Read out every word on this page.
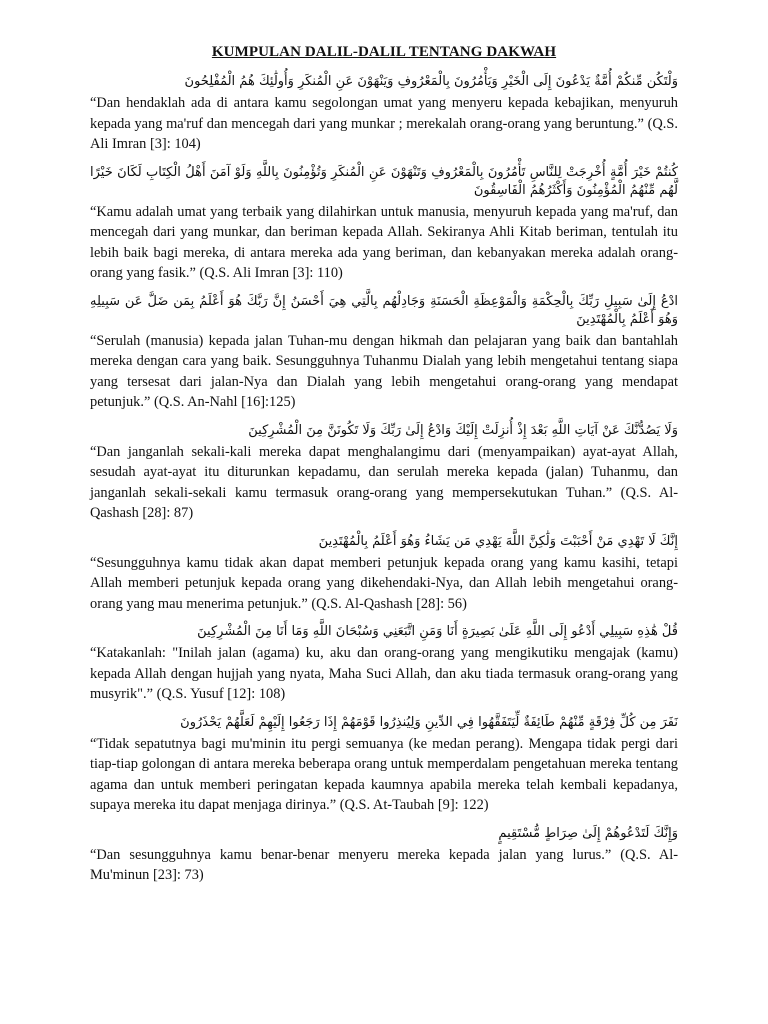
KUMPULAN DALIL-DALIL TENTANG DAKWAH

وَلْتَكُن مِّنكُمْ أُمَّةٌ يَدْعُونَ إِلَى الْخَيْرِ وَيَأْمُرُونَ بِالْمَعْرُوفِ وَيَنْهَوْنَ عَنِ الْمُنكَرِ وَأُولَٰئِكَ هُمُ الْمُفْلِحُونَ

“Dan hendaklah ada di antara kamu segolongan umat yang menyeru kepada kebajikan, menyuruh kepada yang ma'ruf dan mencegah dari yang munkar ; merekalah orang-orang yang beruntung.” (Q.S. Ali Imran [3]: 104)

كُنتُمْ خَيْرَ أُمَّةٍ أُخْرِجَتْ لِلنَّاسِ تَأْمُرُونَ بِالْمَعْرُوفِ وَتَنْهَوْنَ عَنِ الْمُنكَرِ وَتُؤْمِنُونَ بِاللَّهِ وَلَوْ آمَنَ أَهْلُ الْكِتَابِ لَكَانَ خَيْرًا لَّهُم مِّنْهُمُ الْمُؤْمِنُونَ وَأَكْثَرُهُمُ الْفَاسِقُونَ

“Kamu adalah umat yang terbaik yang dilahirkan untuk manusia, menyuruh kepada yang ma'ruf, dan mencegah dari yang munkar, dan beriman kepada Allah. Sekiranya Ahli Kitab beriman, tentulah itu lebih baik bagi mereka, di antara mereka ada yang beriman, dan kebanyakan mereka adalah orang-orang yang fasik.” (Q.S. Ali Imran [3]: 110)

ادْعُ إِلَىٰ سَبِيلِ رَبِّكَ بِالْحِكْمَةِ وَالْمَوْعِظَةِ الْحَسَنَةِ وَجَادِلْهُم بِالَّتِي هِيَ أَحْسَنُ إِنَّ رَبَّكَ هُوَ أَعْلَمُ بِمَن ضَلَّ عَن سَبِيلِهِ وَهُوَ أَعْلَمُ بِالْمُهْتَدِينَ

“Serulah (manusia) kepada jalan Tuhan-mu dengan hikmah dan pelajaran yang baik dan bantahlah mereka dengan cara yang baik. Sesungguhnya Tuhanmu Dialah yang lebih mengetahui tentang siapa yang tersesat dari jalan-Nya dan Dialah yang lebih mengetahui orang-orang yang mendapat petunjuk.” (Q.S. An-Nahl [16]:125)

وَلَا يَصُدُّنَّكَ عَنْ آيَاتِ اللَّهِ بَعْدَ إِذْ أُنزِلَتْ إِلَيْكَ وَادْعُ إِلَىٰ رَبِّكَ وَلَا تَكُونَنَّ مِنَ الْمُشْرِكِينَ

“Dan janganlah sekali-kali mereka dapat menghalangimu dari (menyampaikan) ayat-ayat Allah, sesudah ayat-ayat itu diturunkan kepadamu, dan serulah mereka kepada (jalan) Tuhanmu, dan janganlah sekali-sekali kamu termasuk orang-orang yang mempersekutukan Tuhan.” (Q.S. Al-Qashash [28]: 87)

إِنَّكَ لَا تَهْدِي مَنْ أَحْبَبْتَ وَلَٰكِنَّ اللَّهَ يَهْدِي مَن يَشَاءُ وَهُوَ أَعْلَمُ بِالْمُهْتَدِينَ

“Sesungguhnya kamu tidak akan dapat memberi petunjuk kepada orang yang kamu kasihi, tetapi Allah memberi petunjuk kepada orang yang dikehendaki-Nya, dan Allah lebih mengetahui orang-orang yang mau menerima petunjuk.” (Q.S. Al-Qashash [28]: 56)

قُلْ هَٰذِهِ سَبِيلِي أَدْعُو إِلَى اللَّهِ عَلَىٰ بَصِيرَةٍ أَنَا وَمَنِ اتَّبَعَنِي وَسُبْحَانَ اللَّهِ وَمَا أَنَا مِنَ الْمُشْرِكِينَ

“Katakanlah: "Inilah jalan (agama) ku, aku dan orang-orang yang mengikutiku mengajak (kamu) kepada Allah dengan hujjah yang nyata, Maha Suci Allah, dan aku tiada termasuk orang-orang yang musyrik".” (Q.S. Yusuf [12]: 108)

نَفَرَ مِن كُلِّ فِرْقَةٍ مِّنْهُمْ طَائِفَةٌ لِّيَتَفَقَّهُوا فِي الدِّينِ وَلِيُنذِرُوا قَوْمَهُمْ إِذَا رَجَعُوا إِلَيْهِمْ لَعَلَّهُمْ يَحْذَرُونَ

“Tidak sepatutnya bagi mu'minin itu pergi semuanya (ke medan perang). Mengapa tidak pergi dari tiap-tiap golongan di antara mereka beberapa orang untuk memperdalam pengetahuan mereka tentang agama dan untuk memberi peringatan kepada kaumnya apabila mereka telah kembali kepadanya, supaya mereka itu dapat menjaga dirinya.” (Q.S. At-Taubah [9]: 122)

وَإِنَّكَ لَتَدْعُوهُمْ إِلَىٰ صِرَاطٍ مُّسْتَقِيمٍ

“Dan sesungguhnya kamu benar-benar menyeru mereka kepada jalan yang lurus.” (Q.S. Al-Mu'minun [23]: 73)
